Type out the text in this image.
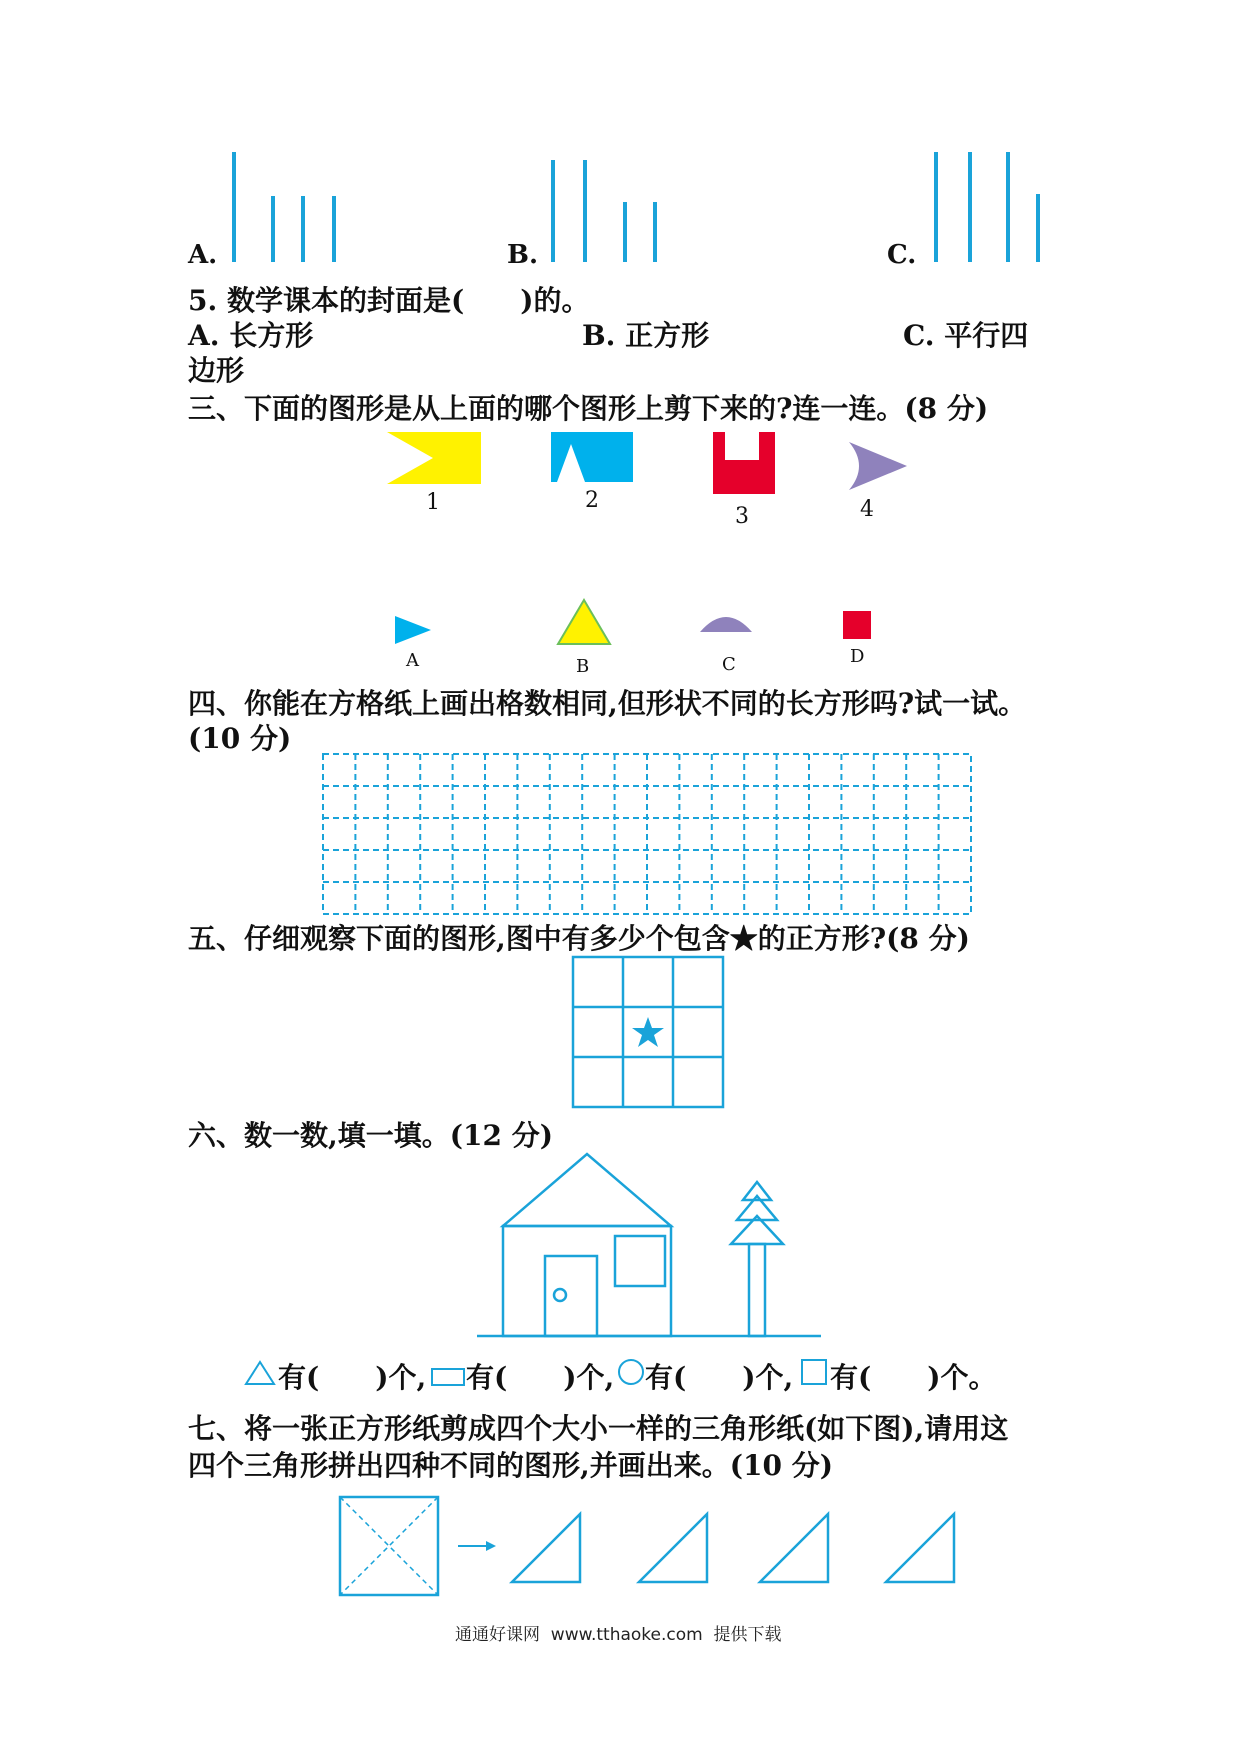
A.	B.	C.
5. 数学课本的封面是(　　)的。
A. 长方形	B. 正方形	C. 平行四
边形
三、下面的图形是从上面的哪个图形上剪下来的?连一连。(8 分)
1	2
3	4
A	B	C	D
四、你能在方格纸上画出格数相同,但形状不同的长方形吗?试一试。
(10 分)
五、仔细观察下面的图形,图中有多少个包含★的正方形?(8 分)
六、数一数,填一填。(12 分)
有(　　)个, 有(　　)个, 有(　　)个, 有(　　)个。
七、将一张正方形纸剪成四个大小一样的三角形纸(如下图),请用这
四个三角形拼出四种不同的图形,并画出来。(10 分)
通通好课网  www.tthaoke.com  提供下载
